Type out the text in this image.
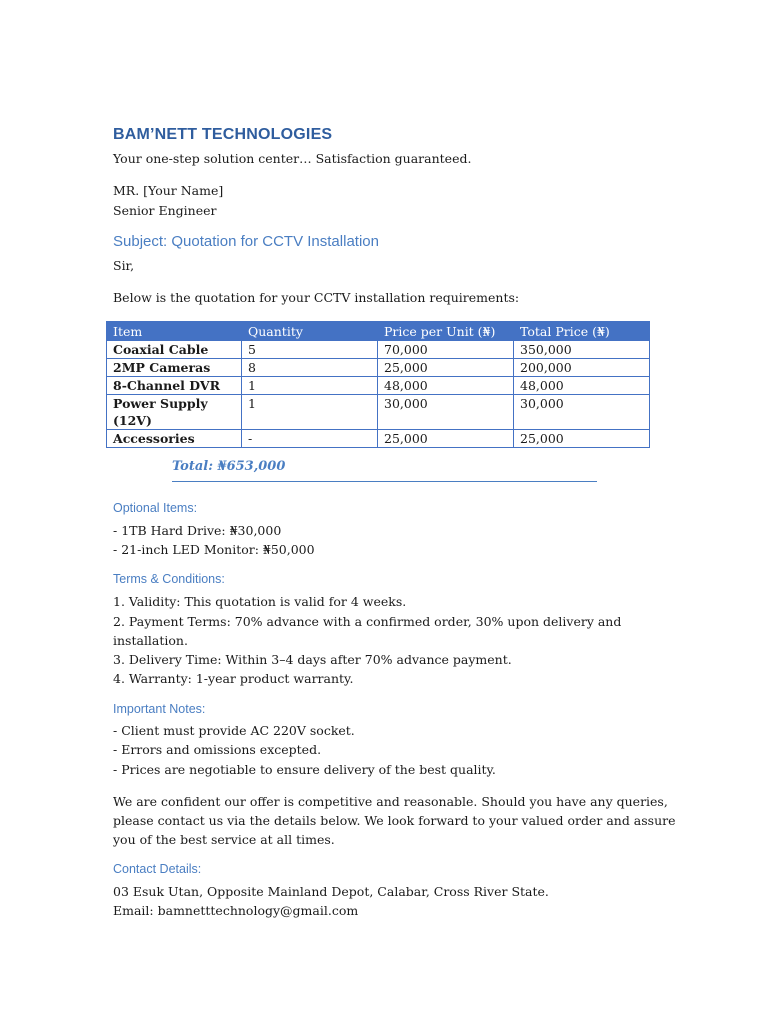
BAM’NETT TECHNOLOGIES
Your one-step solution center… Satisfaction guaranteed.
MR. [Your Name]
Senior Engineer
Subject: Quotation for CCTV Installation
Sir,
Below is the quotation for your CCTV installation requirements:
Item	Quantity	Price per Unit (₦)	Total Price (₦)
Coaxial Cable	5	70,000	350,000
2MP Cameras	8	25,000	200,000
8-Channel DVR	1	48,000	48,000
Power Supply (12V)	1	30,000	30,000
Accessories	-	25,000	25,000
Total: ₦653,000
Optional Items:
- 1TB Hard Drive: ₦30,000
- 21-inch LED Monitor: ₦50,000
Terms & Conditions:
1. Validity: This quotation is valid for 4 weeks.
2. Payment Terms: 70% advance with a confirmed order, 30% upon delivery and
installation.
3. Delivery Time: Within 3–4 days after 70% advance payment.
4. Warranty: 1-year product warranty.
Important Notes:
- Client must provide AC 220V socket.
- Errors and omissions excepted.
- Prices are negotiable to ensure delivery of the best quality.
We are confident our offer is competitive and reasonable. Should you have any queries,
please contact us via the details below. We look forward to your valued order and assure
you of the best service at all times.
Contact Details:
03 Esuk Utan, Opposite Mainland Depot, Calabar, Cross River State.
Email: bamnetttechnology@gmail.com
